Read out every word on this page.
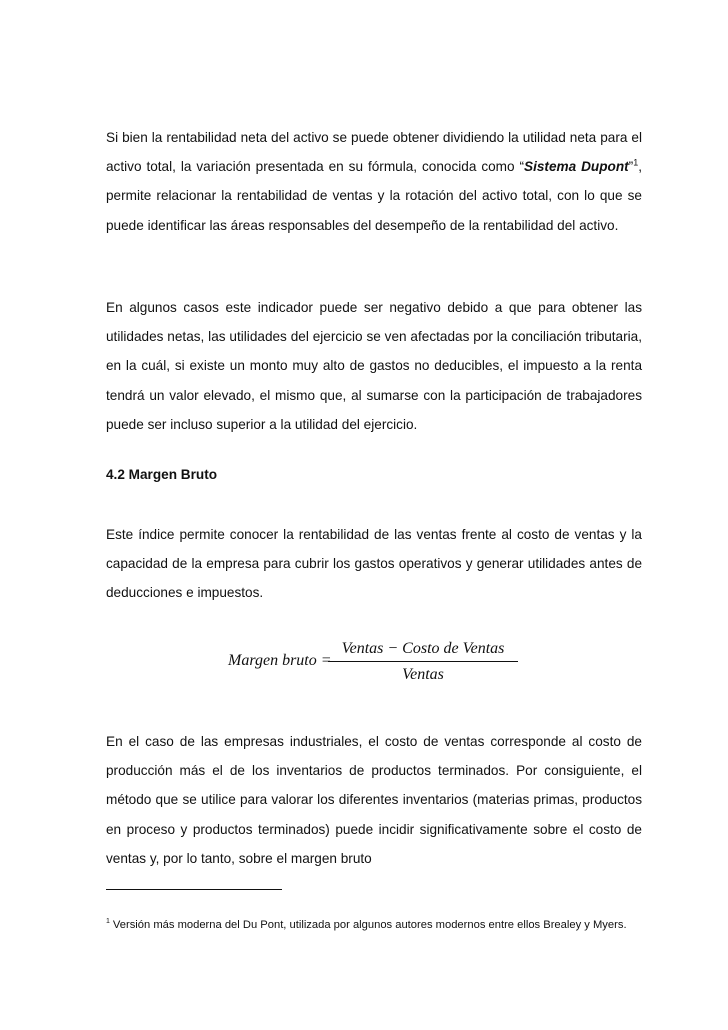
Si bien la rentabilidad neta del activo se puede obtener dividiendo la utilidad neta para el activo total, la variación presentada en su fórmula, conocida como “Sistema Dupont”$^1$, permite relacionar la rentabilidad de ventas y la rotación del activo total, con lo que se puede identificar las áreas responsables del desempeño de la rentabilidad del activo.

En algunos casos este indicador puede ser negativo debido a que para obtener las utilidades netas, las utilidades del ejercicio se ven afectadas por la conciliación tributaria, en la cuál, si existe un monto muy alto de gastos no deducibles, el impuesto a la renta tendrá un valor elevado, el mismo que, al sumarse con la participación de trabajadores puede ser incluso superior a la utilidad del ejercicio.

4.2 Margen Bruto

Este índice permite conocer la rentabilidad de las ventas frente al costo de ventas y la capacidad de la empresa para cubrir los gastos operativos y generar utilidades antes de deducciones e impuestos.

Margen bruto =
Ventas − Costo de Ventas
Ventas

En el caso de las empresas industriales, el costo de ventas corresponde al costo de producción más el de los inventarios de productos terminados. Por consiguiente, el método que se utilice para valorar los diferentes inventarios (materias primas, productos en proceso y productos terminados) puede incidir significativamente sobre el costo de ventas y, por lo tanto, sobre el margen bruto

$^1$ Versión más moderna del Du Pont, utilizada por algunos autores modernos entre ellos Brealey y Myers.
